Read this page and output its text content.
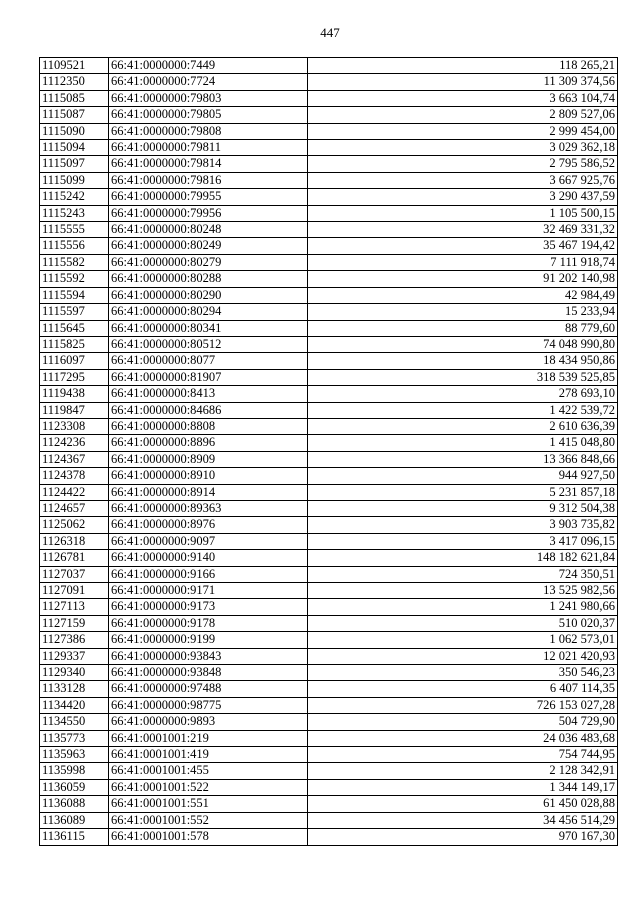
447
1109521	66:41:0000000:7449	118 265,21
1112350	66:41:0000000:7724	11 309 374,56
1115085	66:41:0000000:79803	3 663 104,74
1115087	66:41:0000000:79805	2 809 527,06
1115090	66:41:0000000:79808	2 999 454,00
1115094	66:41:0000000:79811	3 029 362,18
1115097	66:41:0000000:79814	2 795 586,52
1115099	66:41:0000000:79816	3 667 925,76
1115242	66:41:0000000:79955	3 290 437,59
1115243	66:41:0000000:79956	1 105 500,15
1115555	66:41:0000000:80248	32 469 331,32
1115556	66:41:0000000:80249	35 467 194,42
1115582	66:41:0000000:80279	7 111 918,74
1115592	66:41:0000000:80288	91 202 140,98
1115594	66:41:0000000:80290	42 984,49
1115597	66:41:0000000:80294	15 233,94
1115645	66:41:0000000:80341	88 779,60
1115825	66:41:0000000:80512	74 048 990,80
1116097	66:41:0000000:8077	18 434 950,86
1117295	66:41:0000000:81907	318 539 525,85
1119438	66:41:0000000:8413	278 693,10
1119847	66:41:0000000:84686	1 422 539,72
1123308	66:41:0000000:8808	2 610 636,39
1124236	66:41:0000000:8896	1 415 048,80
1124367	66:41:0000000:8909	13 366 848,66
1124378	66:41:0000000:8910	944 927,50
1124422	66:41:0000000:8914	5 231 857,18
1124657	66:41:0000000:89363	9 312 504,38
1125062	66:41:0000000:8976	3 903 735,82
1126318	66:41:0000000:9097	3 417 096,15
1126781	66:41:0000000:9140	148 182 621,84
1127037	66:41:0000000:9166	724 350,51
1127091	66:41:0000000:9171	13 525 982,56
1127113	66:41:0000000:9173	1 241 980,66
1127159	66:41:0000000:9178	510 020,37
1127386	66:41:0000000:9199	1 062 573,01
1129337	66:41:0000000:93843	12 021 420,93
1129340	66:41:0000000:93848	350 546,23
1133128	66:41:0000000:97488	6 407 114,35
1134420	66:41:0000000:98775	726 153 027,28
1134550	66:41:0000000:9893	504 729,90
1135773	66:41:0001001:219	24 036 483,68
1135963	66:41:0001001:419	754 744,95
1135998	66:41:0001001:455	2 128 342,91
1136059	66:41:0001001:522	1 344 149,17
1136088	66:41:0001001:551	61 450 028,88
1136089	66:41:0001001:552	34 456 514,29
1136115	66:41:0001001:578	970 167,30
